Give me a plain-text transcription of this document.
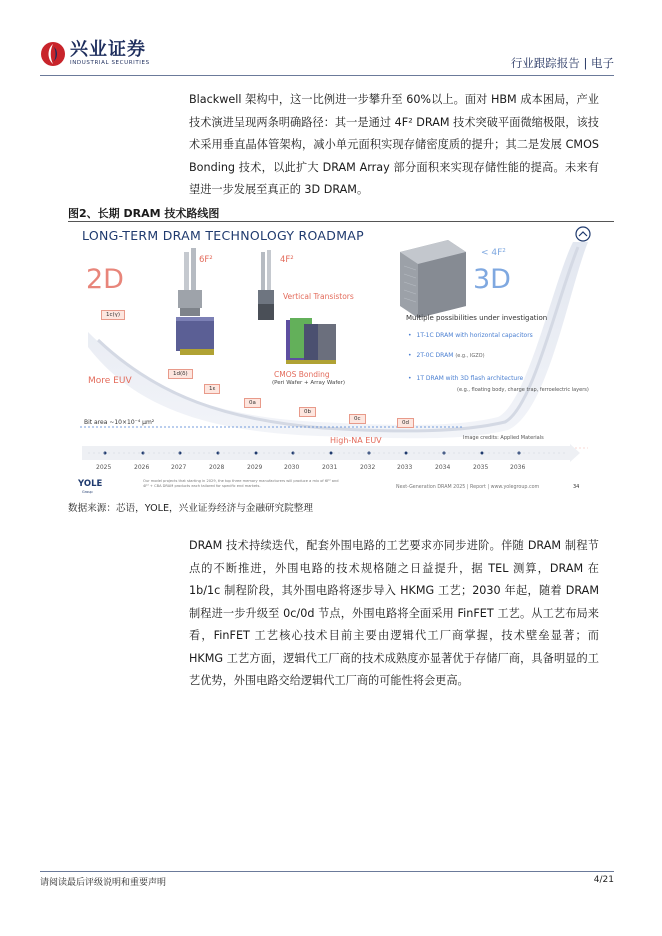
兴业证券
INDUSTRIAL SECURITIES	行业跟踪报告 | 电子
Blackwell 架构中，这一比例进一步攀升至 60%以上。面对 HBM 成本困局，产业技术演进呈现两条明确路径：其一是通过 4F² DRAM 技术突破平面微缩极限，该技术采用垂直晶体管架构，减小单元面积实现存储密度质的提升；其二是发展 CMOS Bonding 技术，以此扩大 DRAM Array 部分面积来实现存储性能的提高。未来有望进一步发展至真正的 3D DRAM。
图2、长期 DRAM 技术路线图
LONG-TERM DRAM TECHNOLOGY ROADMAP
2D
< 4F²
3D
6F²	4F²
Vertical Transistors
CMOS Bonding
(Peri Wafer + Array Wafer)
More EUV
Multiple possibilities under investigation
• 1T-1C DRAM with horizontal capacitors
• 2T-0C DRAM (e.g., IGZO)
• 1T DRAM with 3D flash architecture
(e.g., floating body, charge trap, ferroelectric layers)
Bit area ~10×10⁻⁴ μm²
Image credits: Applied Materials
High-NA EUV
1c(γ)
1d(δ)
1ε
0a
0b
0c
0d
2025	2026	2027	2028	2029	2030	2031	2032	2033	2034	2035	2036
YOLE
Group
Our model projects that starting in 2029, the top three memory manufacturers will produce a mix of 6F² and 4F² + CBA DRAM products each tailored for specific end markets.	Next-Generation DRAM 2025 | Report | www.yolegroup.com	34
数据来源：芯语，YOLE，兴业证券经济与金融研究院整理
DRAM 技术持续迭代，配套外围电路的工艺要求亦同步进阶。伴随 DRAM 制程节点的不断推进，外围电路的技术规格随之日益提升，据 TEL 测算，DRAM 在 1b/1c 制程阶段，其外围电路将逐步导入 HKMG 工艺；2030 年起，随着 DRAM 制程进一步升级至 0c/0d 节点，外围电路将全面采用 FinFET 工艺。从工艺布局来看，FinFET 工艺核心技术目前主要由逻辑代工厂商掌握，技术壁垒显著；而 HKMG 工艺方面，逻辑代工厂商的技术成熟度亦显著优于存储厂商，具备明显的工艺优势，外围电路交给逻辑代工厂商的可能性将会更高。
请阅读最后评级说明和重要声明	4/21
